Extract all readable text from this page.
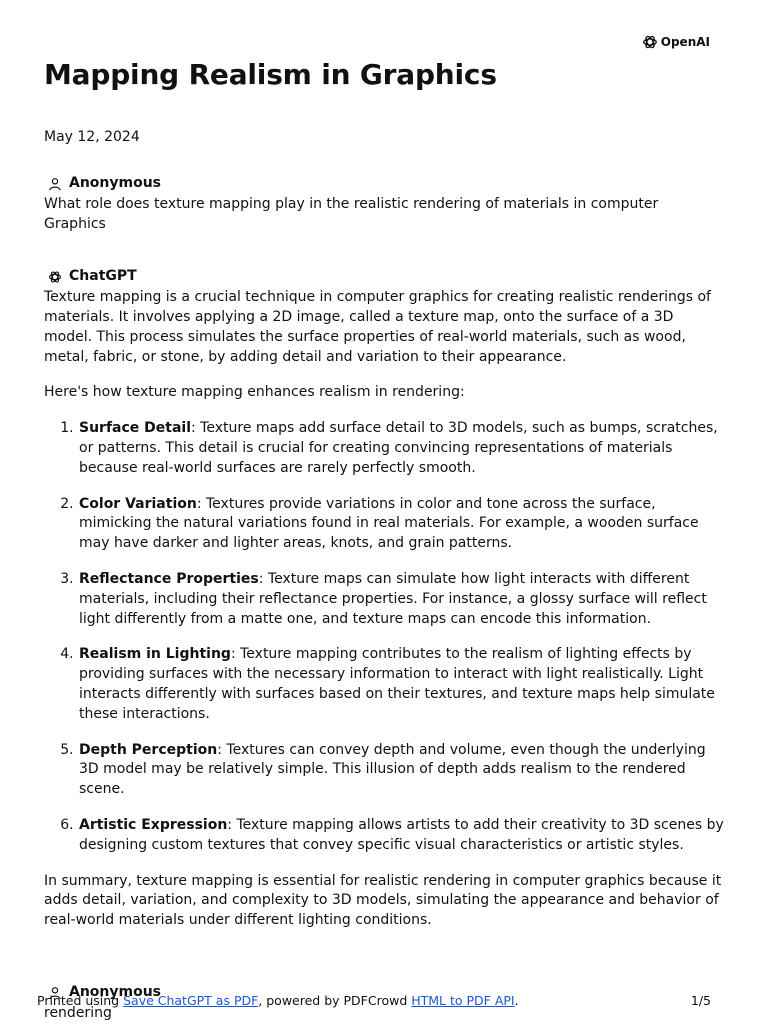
OpenAI
Mapping Realism in Graphics
May 12, 2024
Anonymous

What role does texture mapping play in the realistic rendering of materials in computer Graphics

ChatGPT

Texture mapping is a crucial technique in computer graphics for creating realistic renderings of materials. It involves applying a 2D image, called a texture map, onto the surface of a 3D model. This process simulates the surface properties of real-world materials, such as wood, metal, fabric, or stone, by adding detail and variation to their appearance.

Here's how texture mapping enhances realism in rendering:

1. Surface Detail: Texture maps add surface detail to 3D models, such as bumps, scratches, or patterns. This detail is crucial for creating convincing representations of materials because real-world surfaces are rarely perfectly smooth.
2. Color Variation: Textures provide variations in color and tone across the surface, mimicking the natural variations found in real materials. For example, a wooden surface may have darker and lighter areas, knots, and grain patterns.
3. Reflectance Properties: Texture maps can simulate how light interacts with different materials, including their reflectance properties. For instance, a glossy surface will reflect light differently from a matte one, and texture maps can encode this information.
4. Realism in Lighting: Texture mapping contributes to the realism of lighting effects by providing surfaces with the necessary information to interact with light realistically. Light interacts differently with surfaces based on their textures, and texture maps help simulate these interactions.
5. Depth Perception: Textures can convey depth and volume, even though the underlying 3D model may be relatively simple. This illusion of depth adds realism to the rendered scene.
6. Artistic Expression: Texture mapping allows artists to add their creativity to 3D scenes by designing custom textures that convey specific visual characteristics or artistic styles.

In summary, texture mapping is essential for realistic rendering in computer graphics because it adds detail, variation, and complexity to 3D models, simulating the appearance and behavior of real-world materials under different lighting conditions.

Anonymous

rendering

Printed using Save ChatGPT as PDF, powered by PDFCrowd HTML to PDF API.	1/5
